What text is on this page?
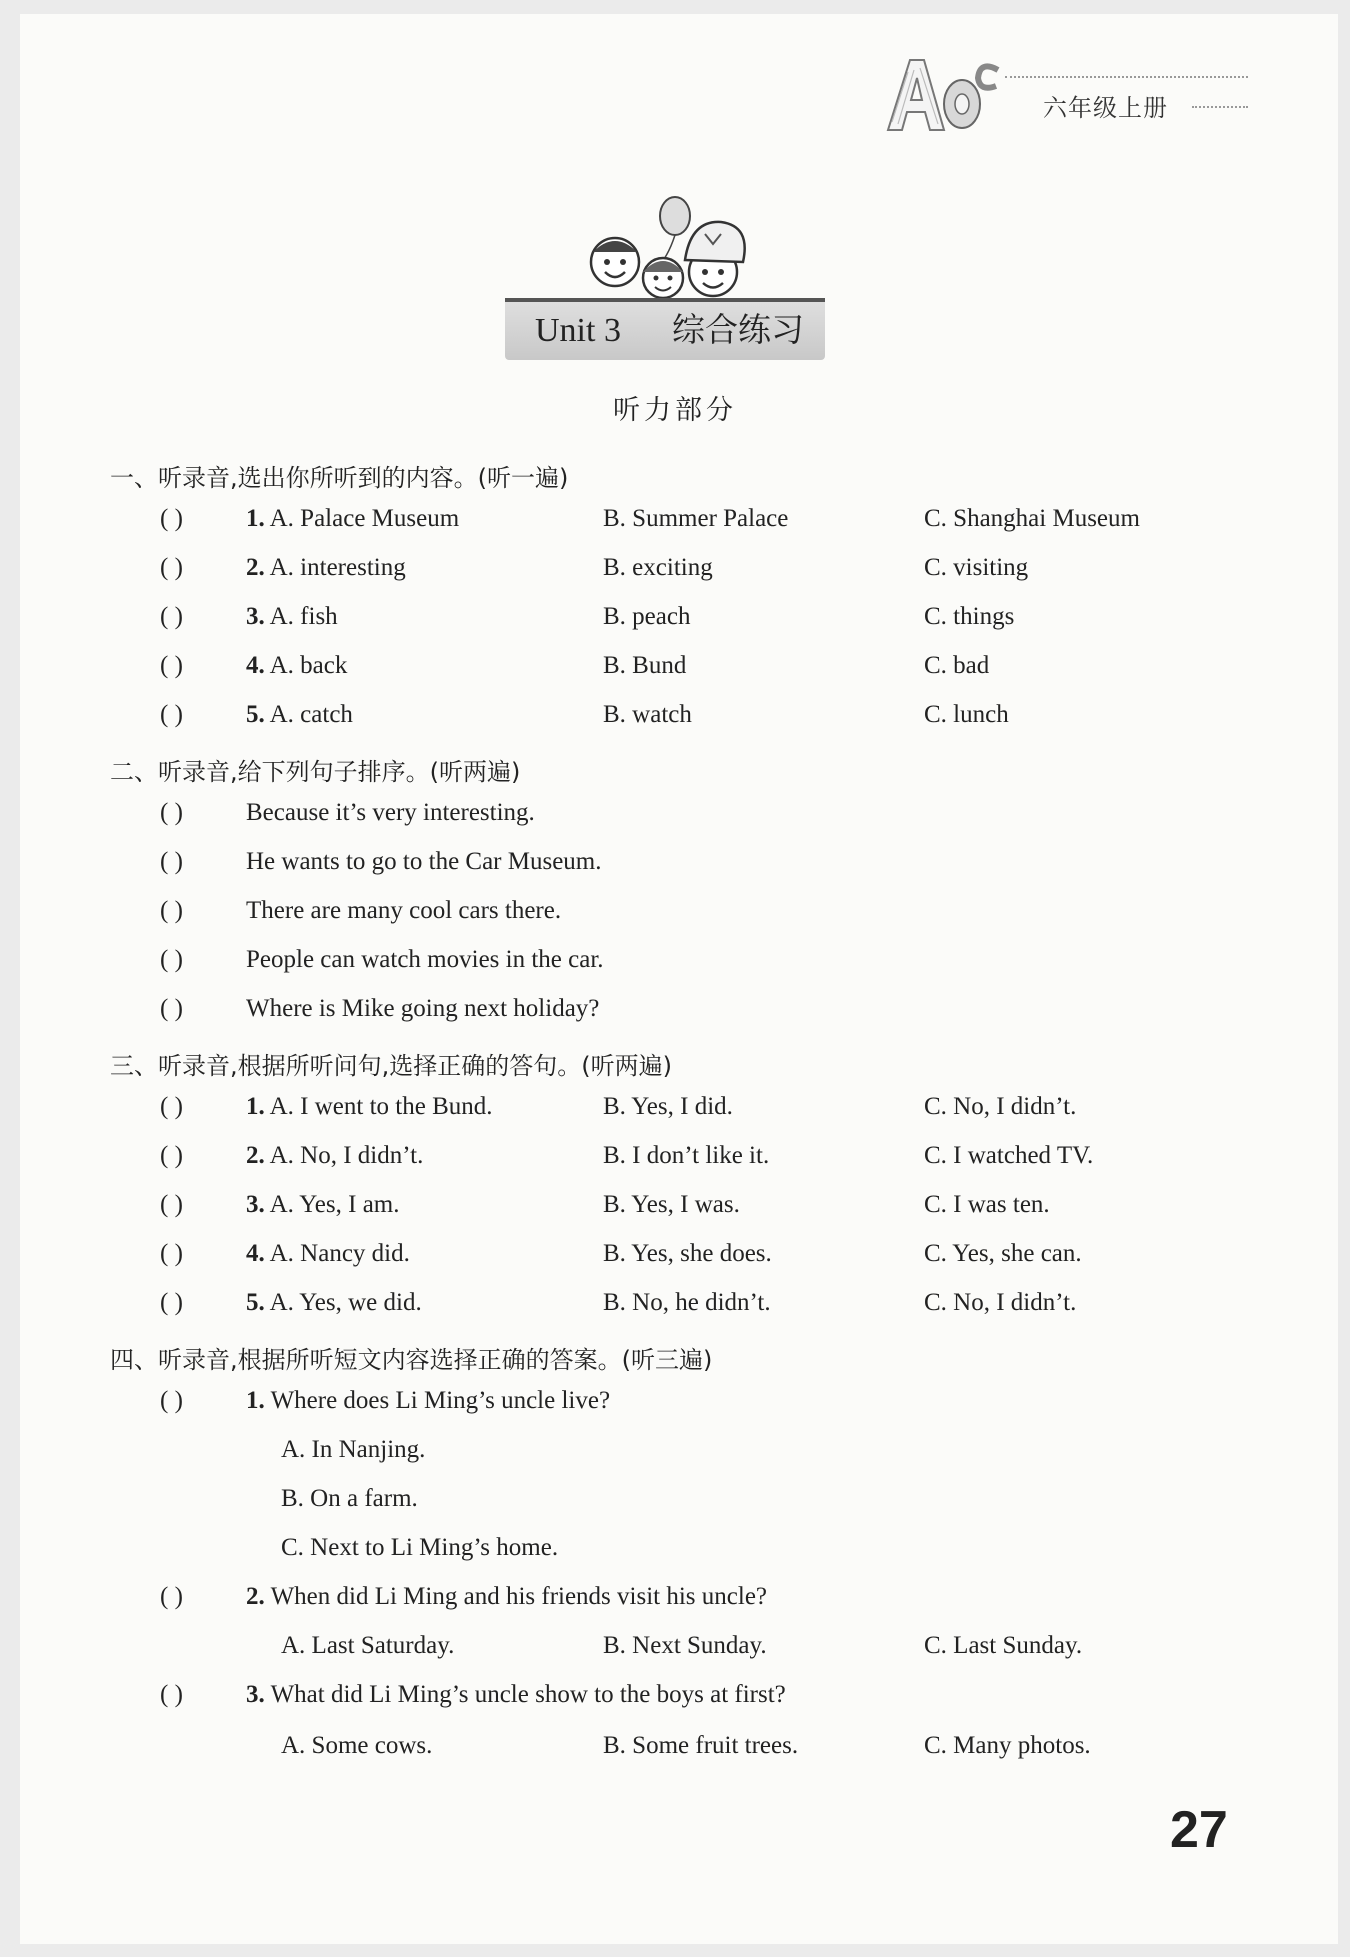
六年级上册
Unit 3 综合练习
听力部分
一、听录音,选出你所听到的内容。(听一遍)
( )	1. A. Palace Museum	B. Summer Palace	C. Shanghai Museum
( )	2. A. interesting	B. exciting	C. visiting
( )	3. A. fish	B. peach	C. things
( )	4. A. back	B. Bund	C. bad
( )	5. A. catch	B. watch	C. lunch
二、听录音,给下列句子排序。(听两遍)
( )	Because it’s very interesting.
( )	He wants to go to the Car Museum.
( )	There are many cool cars there.
( )	People can watch movies in the car.
( )	Where is Mike going next holiday?
三、听录音,根据所听问句,选择正确的答句。(听两遍)
( )	1. A. I went to the Bund.	B. Yes, I did.	C. No, I didn’t.
( )	2. A. No, I didn’t.	B. I don’t like it.	C. I watched TV.
( )	3. A. Yes, I am.	B. Yes, I was.	C. I was ten.
( )	4. A. Nancy did.	B. Yes, she does.	C. Yes, she can.
( )	5. A. Yes, we did.	B. No, he didn’t.	C. No, I didn’t.
四、听录音,根据所听短文内容选择正确的答案。(听三遍)
( )	1. Where does Li Ming’s uncle live?
A. In Nanjing.
B. On a farm.
C. Next to Li Ming’s home.
( )	2. When did Li Ming and his friends visit his uncle?
A. Last Saturday.	B. Next Sunday.	C. Last Sunday.
( )	3. What did Li Ming’s uncle show to the boys at first?
A. Some cows.	B. Some fruit trees.	C. Many photos.
27
